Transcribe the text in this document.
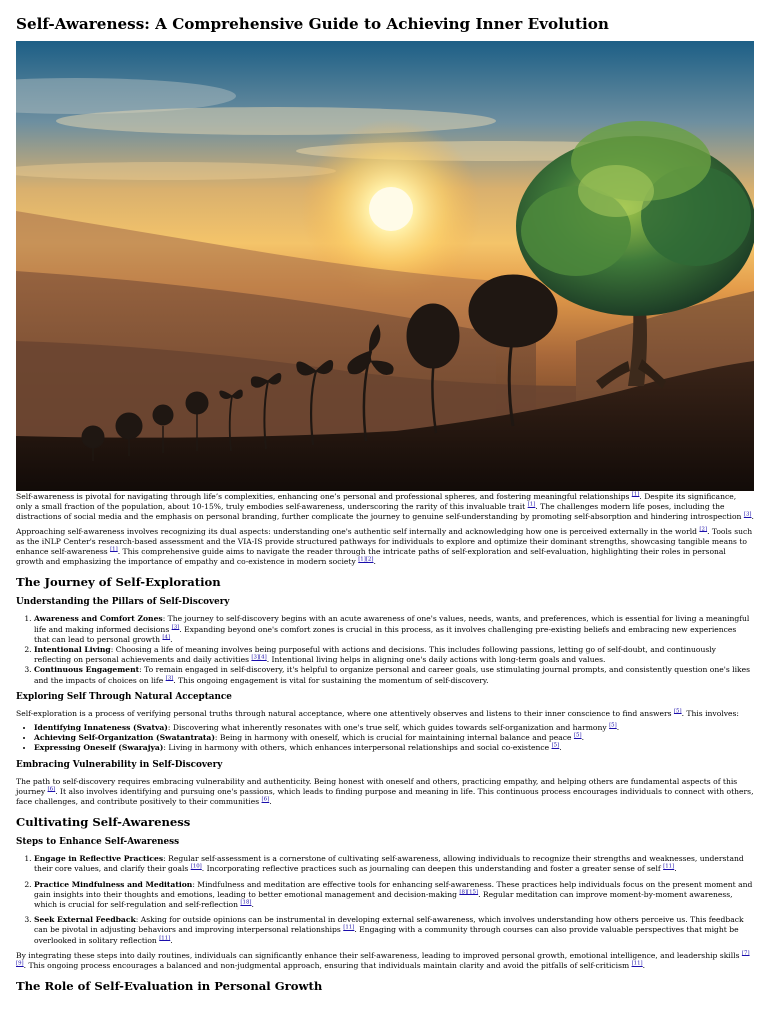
Self-Awareness: A Comprehensive Guide to Achieving Inner Evolution

Self-awareness is pivotal for navigating through life’s complexities, enhancing one’s personal and professional spheres, and fostering meaningful relationships [1]. Despite its significance, only a small fraction of the population, about 10-15%, truly embodies self-awareness, underscoring the rarity of this invaluable trait [1]. The challenges modern life poses, including the distractions of social media and the emphasis on personal branding, further complicate the journey to genuine self-understanding by promoting self-absorption and hindering introspection [3].

Approaching self-awareness involves recognizing its dual aspects: understanding one's authentic self internally and acknowledging how one is perceived externally in the world [2]. Tools such as the iNLP Center's research-based assessment and the VIA-IS provide structured pathways for individuals to explore and optimize their dominant strengths, showcasing tangible means to enhance self-awareness [1]. This comprehensive guide aims to navigate the reader through the intricate paths of self-exploration and self-evaluation, highlighting their roles in personal growth and emphasizing the importance of empathy and co-existence in modern society [1][2].

The Journey of Self-Exploration
Understanding the Pillars of Self-Discovery
1. Awareness and Comfort Zones: The journey to self-discovery begins with an acute awareness of one's values, needs, wants, and preferences, which is essential for living a meaningful life and making informed decisions [3]. Expanding beyond one's comfort zones is crucial in this process, as it involves challenging pre-existing beliefs and embracing new experiences that can lead to personal growth [4].
2. Intentional Living: Choosing a life of meaning involves being purposeful with actions and decisions. This includes following passions, letting go of self-doubt, and continuously reflecting on personal achievements and daily activities [3][4]. Intentional living helps in aligning one's daily actions with long-term goals and values.
3. Continuous Engagement: To remain engaged in self-discovery, it's helpful to organize personal and career goals, use stimulating journal prompts, and consistently question one's likes and the impacts of choices on life [3]. This ongoing engagement is vital for sustaining the momentum of self-discovery.
Exploring Self Through Natural Acceptance

Self-exploration is a process of verifying personal truths through natural acceptance, where one attentively observes and listens to their inner conscience to find answers [5]. This involves:

• Identifying Innateness (Svatva): Discovering what inherently resonates with one's true self, which guides towards self-organization and harmony [5].
• Achieving Self-Organization (Swatantrata): Being in harmony with oneself, which is crucial for maintaining internal balance and peace [5].
• Expressing Oneself (Swarajya): Living in harmony with others, which enhances interpersonal relationships and social co-existence [5].
Embracing Vulnerability in Self-Discovery

The path to self-discovery requires embracing vulnerability and authenticity. Being honest with oneself and others, practicing empathy, and helping others are fundamental aspects of this journey [6]. It also involves identifying and pursuing one's passions, which leads to finding purpose and meaning in life. This continuous process encourages individuals to connect with others, face challenges, and contribute positively to their communities [6].

Cultivating Self-Awareness
Steps to Enhance Self-Awareness
1. Engage in Reflective Practices: Regular self-assessment is a cornerstone of cultivating self-awareness, allowing individuals to recognize their strengths and weaknesses, understand their core values, and clarify their goals [10]. Incorporating reflective practices such as journaling can deepen this understanding and foster a greater sense of self [11].
2. Practice Mindfulness and Meditation: Mindfulness and meditation are effective tools for enhancing self-awareness. These practices help individuals focus on the present moment and gain insights into their thoughts and emotions, leading to better emotional management and decision-making [8][15]. Regular meditation can improve moment-by-moment awareness, which is crucial for self-regulation and self-reflection [18].
3. Seek External Feedback: Asking for outside opinions can be instrumental in developing external self-awareness, which involves understanding how others perceive us. This feedback can be pivotal in adjusting behaviors and improving interpersonal relationships [11]. Engaging with a community through courses can also provide valuable perspectives that might be overlooked in solitary reflection [11].

By integrating these steps into daily routines, individuals can significantly enhance their self-awareness, leading to improved personal growth, emotional intelligence, and leadership skills [7][9]. This ongoing process encourages a balanced and non-judgmental approach, ensuring that individuals maintain clarity and avoid the pitfalls of self-criticism [11].

The Role of Self-Evaluation in Personal Growth
